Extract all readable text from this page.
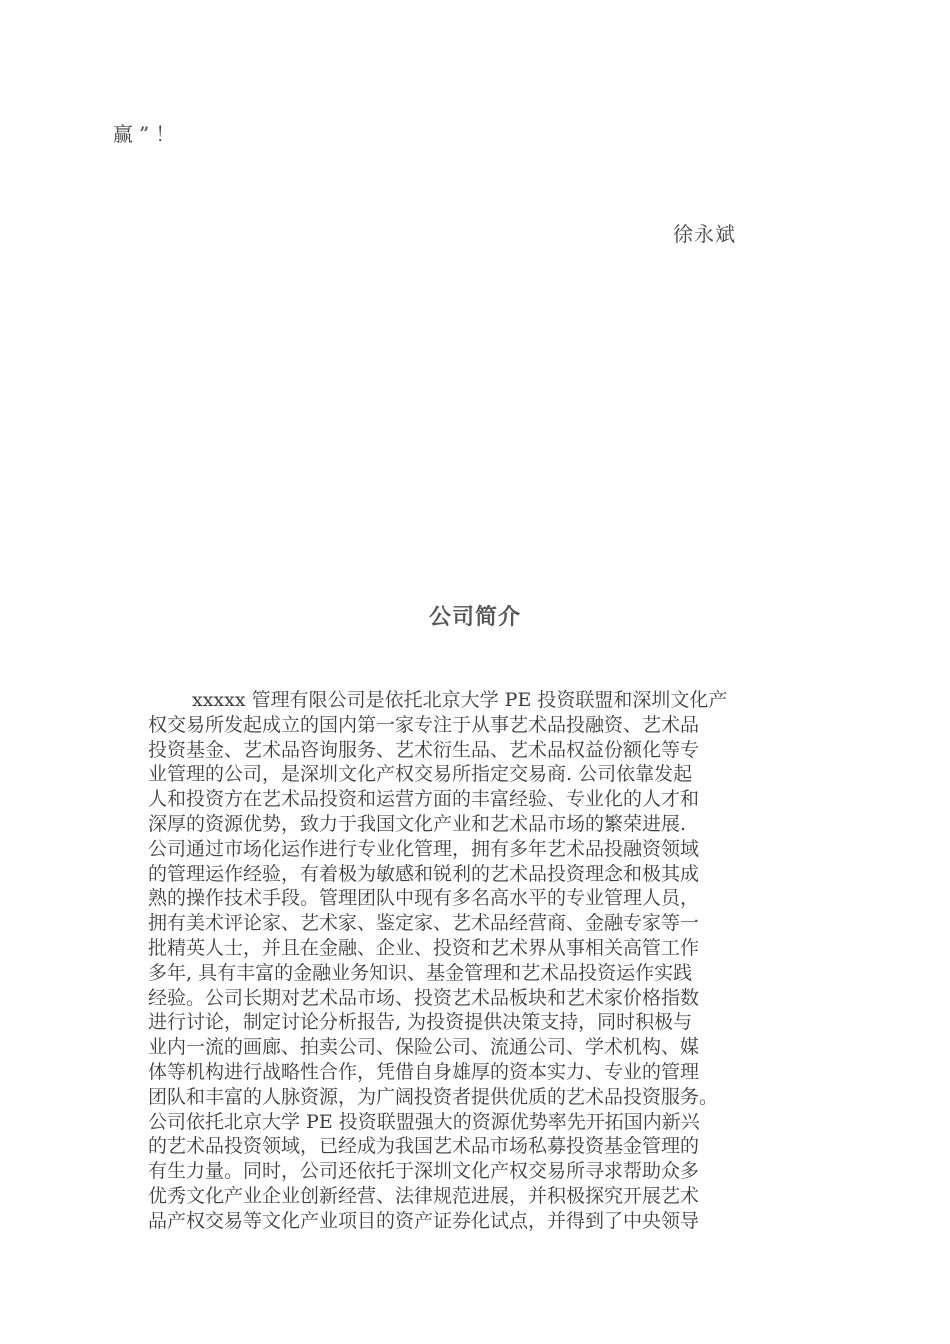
赢”！
徐永斌
公司简介
xxxxx 管理有限公司是依托北京大学 PE 投资联盟和深圳文化产
权交易所发起成立的国内第一家专注于从事艺术品投融资、艺术品
投资基金、艺术品咨询服务、艺术衍生品、艺术品权益份额化等专
业管理的公司，是深圳文化产权交易所指定交易商. 公司依靠发起
人和投资方在艺术品投资和运营方面的丰富经验、专业化的人才和
深厚的资源优势，致力于我国文化产业和艺术品市场的繁荣进展.
公司通过市场化运作进行专业化管理，拥有多年艺术品投融资领域
的管理运作经验，有着极为敏感和锐利的艺术品投资理念和极其成
熟的操作技术手段。管理团队中现有多名高水平的专业管理人员，
拥有美术评论家、艺术家、鉴定家、艺术品经营商、金融专家等一
批精英人士，并且在金融、企业、投资和艺术界从事相关高管工作
多年, 具有丰富的金融业务知识、基金管理和艺术品投资运作实践
经验。公司长期对艺术品市场、投资艺术品板块和艺术家价格指数
进行讨论，制定讨论分析报告, 为投资提供决策支持，同时积极与
业内一流的画廊、拍卖公司、保险公司、流通公司、学术机构、媒
体等机构进行战略性合作，凭借自身雄厚的资本实力、专业的管理
团队和丰富的人脉资源，为广阔投资者提供优质的艺术品投资服务。
公司依托北京大学 PE 投资联盟强大的资源优势率先开拓国内新兴
的艺术品投资领域，已经成为我国艺术品市场私募投资基金管理的
有生力量。同时，公司还依托于深圳文化产权交易所寻求帮助众多
优秀文化产业企业创新经营、法律规范进展，并积极探究开展艺术
品产权交易等文化产业项目的资产证券化试点，并得到了中央领导
